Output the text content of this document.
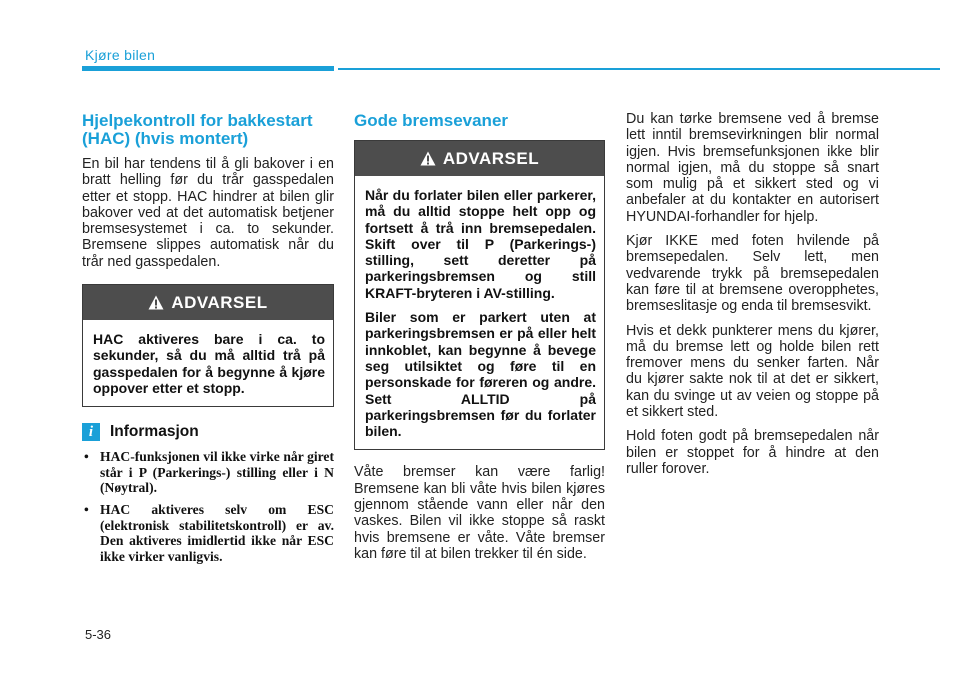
Kjøre bilen
Hjelpekontroll for bakkestart (HAC) (hvis montert)

En bil har tendens til å gli bakover i en bratt helling før du trår gasspedalen etter et stopp. HAC hindrer at bilen glir bakover ved at det automatisk betjener bremsesystemet i ca. to sekunder. Bremsene slippes automatisk når du trår ned gasspedalen.

ADVARSEL

HAC aktiveres bare i ca. to sekunder, så du må alltid trå på gasspedalen for å begynne å kjøre oppover etter et stopp.

i	Informasjon
• HAC-funksjonen vil ikke virke når giret står i P (Parkerings-) stilling eller i N (Nøytral).
• HAC aktiveres selv om ESC (elektronisk stabilitetskontroll) er av. Den aktiveres imidlertid ikke når ESC ikke virker vanligvis.
Gode bremsevaner
ADVARSEL

Når du forlater bilen eller parkerer, må du alltid stoppe helt opp og fortsett å trå inn bremsepedalen. Skift over til P (Parkerings-) stilling, sett deretter på parkeringsbremsen og still KRAFT-bryteren i AV-stilling.

Biler som er parkert uten at parkeringsbremsen er på eller helt innkoblet, kan begynne å bevege seg utilsiktet og føre til en personskade for føreren og andre. Sett ALLTID på parkeringsbremsen før du forlater bilen.

Våte bremser kan være farlig! Bremsene kan bli våte hvis bilen kjøres gjennom stående vann eller når den vaskes. Bilen vil ikke stoppe så raskt hvis bremsene er våte. Våte bremser kan føre til at bilen trekker til én side.

Du kan tørke bremsene ved å bremse lett inntil bremsevirkningen blir normal igjen. Hvis bremsefunksjonen ikke blir normal igjen, må du stoppe så snart som mulig på et sikkert sted og vi anbefaler at du kontakter en autorisert HYUNDAI-forhandler for hjelp.

Kjør IKKE med foten hvilende på bremsepedalen. Selv lett, men vedvarende trykk på bremsepedalen kan føre til at bremsene overopphetes, bremseslitasje og enda til bremsesvikt.

Hvis et dekk punkterer mens du kjører, må du bremse lett og holde bilen rett fremover mens du senker farten. Når du kjører sakte nok til at det er sikkert, kan du svinge ut av veien og stoppe på et sikkert sted.

Hold foten godt på bremsepedalen når bilen er stoppet for å hindre at den ruller forover.

5-36
